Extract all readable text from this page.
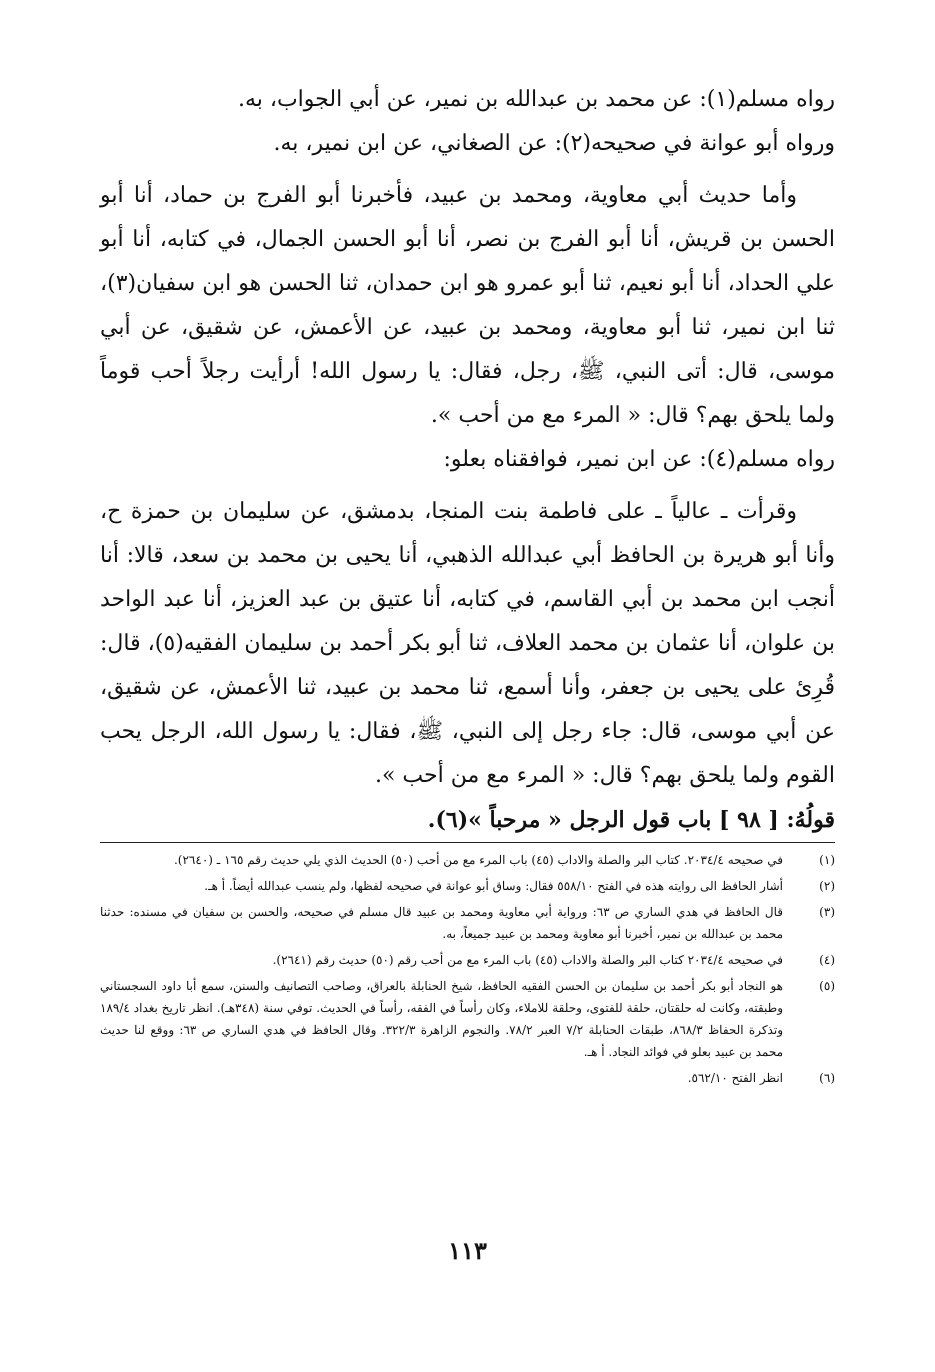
رواه مسلم(١): عن محمد بن عبدالله بن نمير، عن أبي الجواب، به.

ورواه أبو عوانة في صحيحه(٢): عن الصغاني، عن ابن نمير، به.

وأما حديث أبي معاوية، ومحمد بن عبيد، فأخبرنا أبو الفرج بن حماد، أنا أبو الحسن بن قريش، أنا أبو الفرج بن نصر، أنا أبو الحسن الجمال، في كتابه، أنا أبو علي الحداد، أنا أبو نعيم، ثنا أبو عمرو هو ابن حمدان، ثنا الحسن هو ابن سفيان(٣)، ثنا ابن نمير، ثنا أبو معاوية، ومحمد بن عبيد، عن الأعمش، عن شقيق، عن أبي موسى، قال: أتى النبي، ﷺ، رجل، فقال: يا رسول الله! أرأيت رجلاً أحب قوماً ولما يلحق بهم؟ قال: « المرء مع من أحب ».

رواه مسلم(٤): عن ابن نمير، فوافقناه بعلو:

وقرأت ـ عالياً ـ على فاطمة بنت المنجا، بدمشق، عن سليمان بن حمزة ح، وأنا أبو هريرة بن الحافظ أبي عبدالله الذهبي، أنا يحيى بن محمد بن سعد، قالا: أنا أنجب ابن محمد بن أبي القاسم، في كتابه، أنا عتيق بن عبد العزيز، أنا عبد الواحد بن علوان، أنا عثمان بن محمد العلاف، ثنا أبو بكر أحمد بن سليمان الفقيه(٥)، قال: قُرِئ على يحيى بن جعفر، وأنا أسمع، ثنا محمد بن عبيد، ثنا الأعمش، عن شقيق، عن أبي موسى، قال: جاء رجل إلى النبي، ﷺ، فقال: يا رسول الله، الرجل يحب القوم ولما يلحق بهم؟ قال: « المرء مع من أحب ».

قولُهُ: [ ٩٨ ] باب قول الرجل « مرحباً »(٦).

(١)
في صحيحه ٢٠٣٤/٤. كتاب البر والصلة والاداب (٤٥) باب المرء مع من أحب (٥٠) الحديث الذي يلي حديث رقم ١٦٥ ـ (٢٦٤٠).
(٢)
أشار الحافظ الى روايته هذه في الفتح ٥٥٨/١٠ فقال: وساق أبو عوانة في صحيحه لفظها، ولم ينسب عبدالله أيضاً. أ هـ.
(٣)
قال الحافظ في هدي الساري ص ٦٣: ورواية أبي معاوية ومحمد بن عبيد قال مسلم في صحيحه، والحسن بن سفيان في مسنده: حدثنا محمد بن عبدالله بن نمير، أخبرنا أبو معاوية ومحمد بن عبيد جميعاً، به.
(٤)
في صحيحه ٢٠٣٤/٤ كتاب البر والصلة والاداب (٤٥) باب المرء مع من أحب رقم (٥٠) حديث رقم (٢٦٤١).
(٥)
هو النجاد أبو بكر أحمد بن سليمان بن الحسن الفقيه الحافظ، شيخ الحنابلة بالعراق، وصاحب التصانيف والسنن، سمع أبا داود السجستاني وطبقته، وكانت له حلقتان، حلقة للفتوى، وحلقة للاملاء، وكان رأساً في الفقه، رأساً في الحديث. توفي سنة (٣٤٨هـ). انظر تاريخ بغداد ١٨٩/٤ وتذكرة الحفاظ ٨٦٨/٣، طبقات الحنابلة ٧/٢ العبر ٧٨/٢. والنجوم الزاهرة ٣٢٢/٣. وقال الحافظ في هدي الساري ص ٦٣: ووقع لنا حديث محمد بن عبيد بعلو في فوائد النجاد. أ هـ.
(٦)
انظر الفتح ٥٦٢/١٠.
١١٣
